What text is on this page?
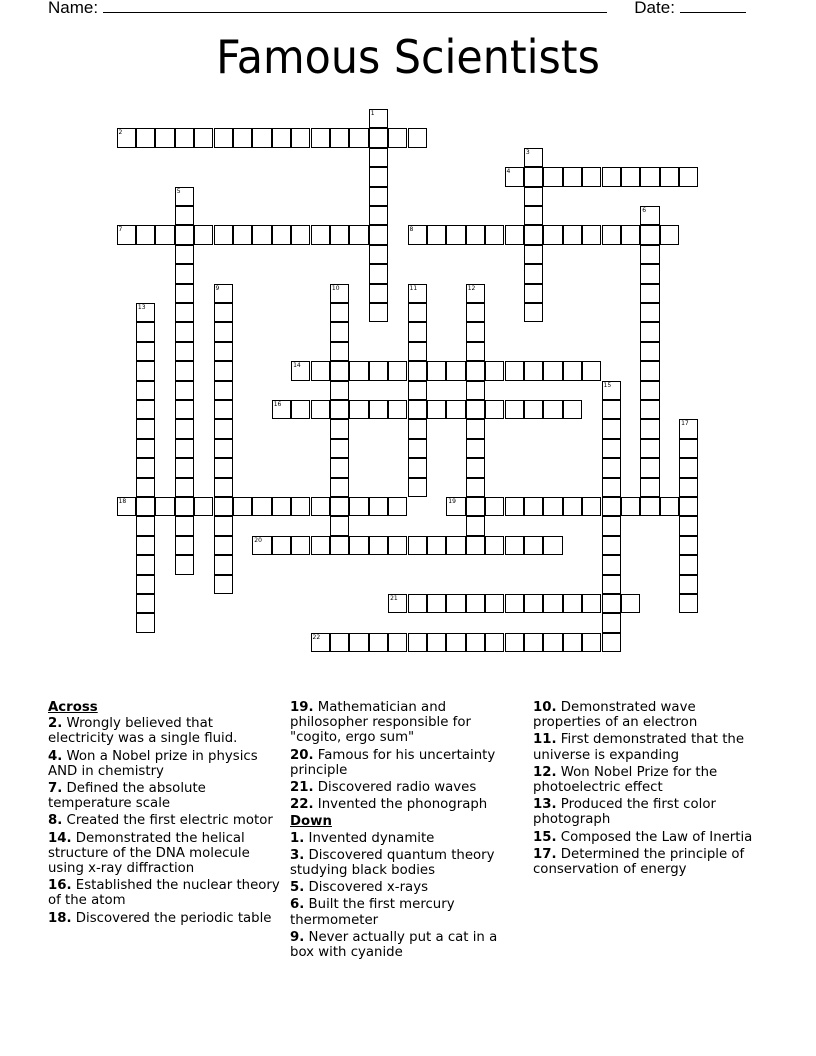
Name:	Date:
Famous Scientists
1
2
3
4
5
6
7	8
9	10	11	12
13
14
15
16
17
18	19
20
21
22
Across
2. Wrongly believed that electricity was a single fluid.
4. Won a Nobel prize in physics AND in chemistry
7. Defined the absolute temperature scale
8. Created the first electric motor
14. Demonstrated the helical structure of the DNA molecule using x-ray diffraction
16. Established the nuclear theory of the atom
18. Discovered the periodic table
19. Mathematician and philosopher responsible for "cogito, ergo sum"
20. Famous for his uncertainty principle
21. Discovered radio waves
22. Invented the phonograph
Down
1. Invented dynamite
3. Discovered quantum theory studying black bodies
5. Discovered x-rays
6. Built the first mercury thermometer
9. Never actually put a cat in a box with cyanide
10. Demonstrated wave properties of an electron
11. First demonstrated that the universe is expanding
12. Won Nobel Prize for the photoelectric effect
13. Produced the first color photograph
15. Composed the Law of Inertia
17. Determined the principle of conservation of energy
